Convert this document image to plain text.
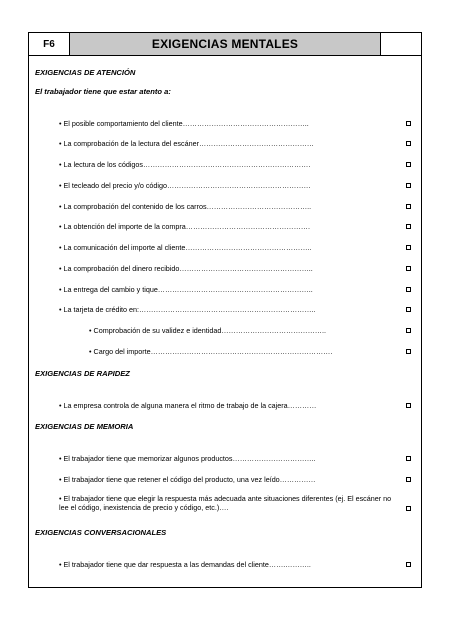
F6	EXIGENCIAS MENTALES
EXIGENCIAS DE ATENCIÓN
El trabajador tiene que estar atento a:
• El posible comportamiento del cliente……………………………………………..
• La comprobación de la lectura del escáner…………………………………………
• La lectura de los códigos…………………………………………………………….
• El tecleado del precio y/o código……………………………………………………
• La comprobación del contenido de los carros……………………………………..
• La obtención del importe de la compra…………………………………………….
• La comunicación del importe al cliente……………………………………………..
• La comprobación del dinero recibido………………………………………………..
• La entrega del cambio y tique………………………………………………………..
• La tarjeta de crédito en:………………………………………………………………..
• Comprobación de su validez e identidad……………………………………..
• Cargo del importe………………………………………………………………….
EXIGENCIAS DE RAPIDEZ
• La empresa controla de alguna manera el ritmo de trabajo de la cajera…………
EXIGENCIAS DE MEMORIA
• El trabajador tiene que memorizar algunos productos……………………………..
• El trabajador tiene que retener el código del producto, una vez leído……………
• El trabajador tiene que elegir la respuesta más adecuada ante situaciones diferentes (ej. El escáner no lee el código, inexistencia de precio y código, etc.)….
EXIGENCIAS CONVERSACIONALES
• El trabajador tiene que dar respuesta a las demandas del cliente…….………..
